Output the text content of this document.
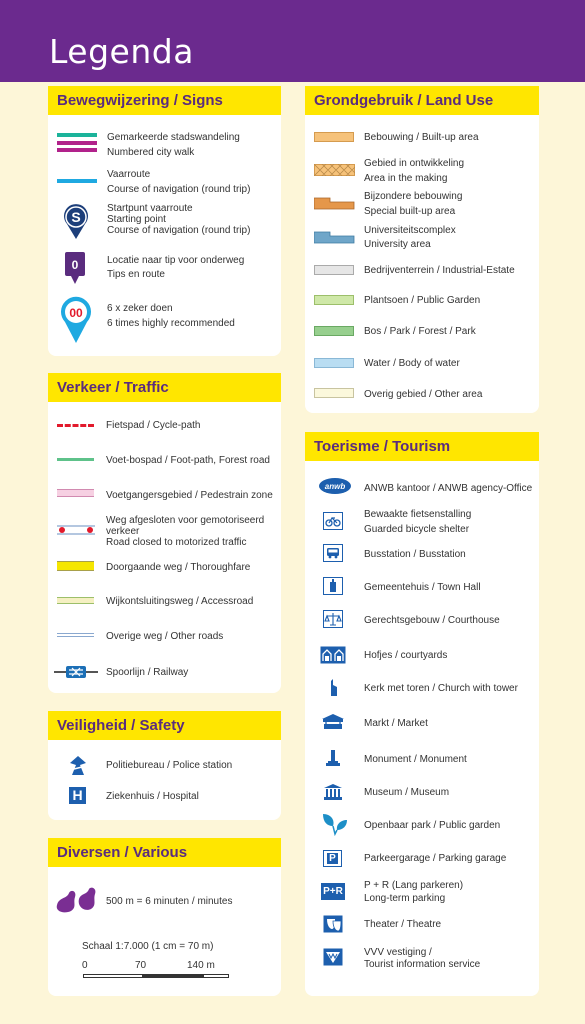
Legenda
Bewegwijzering / Signs
Gemarkeerde stadswandeling
Numbered city walk
Vaarroute
Course of navigation (round trip)
S
Startpunt vaarroute
Starting point
Course of navigation (round trip)
0	Locatie naar tip voor onderweg
Tips en route
00 6 x zeker doen
6 times highly recommended
Verkeer / Traffic
Fietspad / Cycle-path
Voet-bospad / Foot-path, Forest road
Voetgangersgebied / Pedestrain zone
Weg afgesloten voor gemotoriseerd
verkeer
Road closed to motorized traffic
Doorgaande weg / Thoroughfare
Wijkontsluitingsweg / Accessroad
Overige weg / Other roads
Spoorlijn / Railway
Veiligheid / Safety
Politiebureau / Police station
H	Ziekenhuis / Hospital
Diversen / Various
500 m = 6 minuten / minutes
Schaal 1:7.000 (1 cm = 70 m)
0	70	140 m
Grondgebruik / Land Use
Bebouwing / Built-up area
Gebied in ontwikkeling
Area in the making
Bijzondere bebouwing
Special built-up area
Universiteitscomplex
University area
Bedrijventerrein / Industrial-Estate
Plantsoen / Public Garden
Bos / Park / Forest / Park
Water / Body of water
Overig gebied / Other area
Toerisme / Tourism
anwb ANWB kantoor / ANWB agency-Office
Bewaakte fietsenstalling
Guarded bicycle shelter
Busstation / Busstation
Gemeentehuis / Town Hall
Gerechtsgebouw / Courthouse
Hofjes / courtyards
Kerk met toren / Church with tower
Markt / Market
Monument / Monument
Museum / Museum
Openbaar park / Public garden
P	Parkeergarage / Parking garage
P+R
P + R (Lang parkeren)
Long-term parking
Theater / Theatre
VVV vestiging /
Tourist information service
